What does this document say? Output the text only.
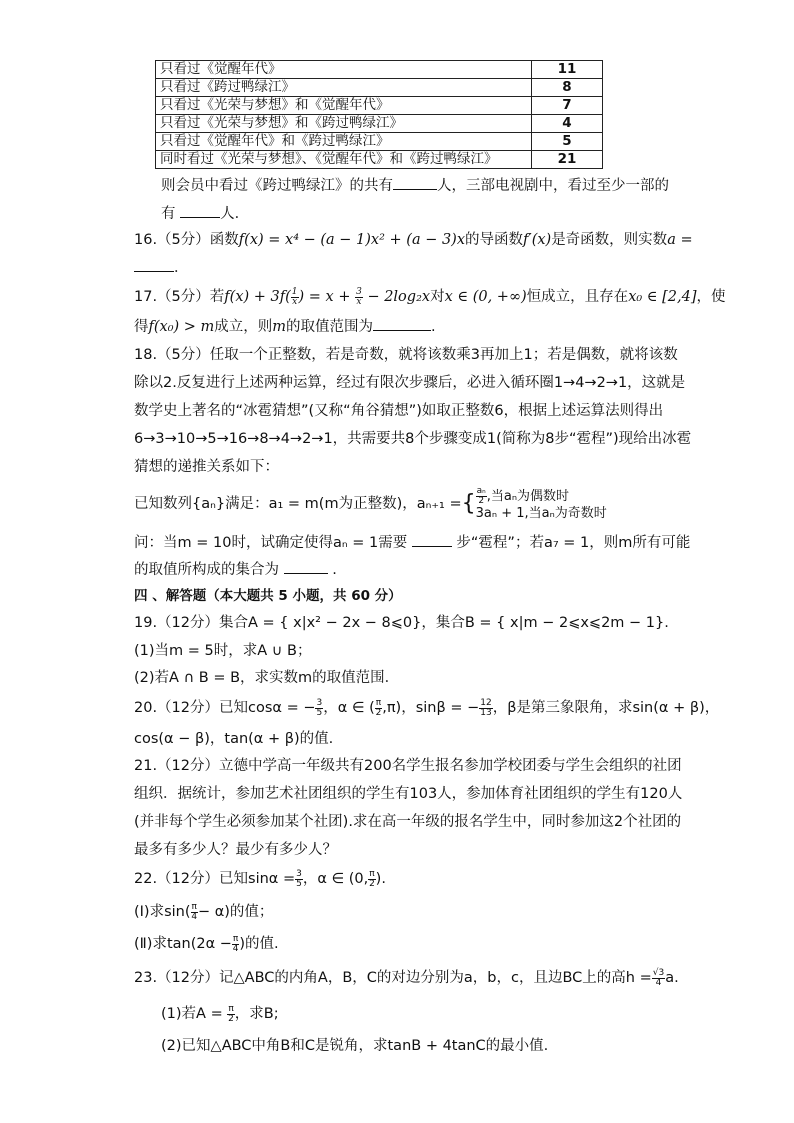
只看过《觉醒年代》	11
只看过《跨过鸭绿江》	8
只看过《光荣与梦想》和《觉醒年代》	7
只看过《光荣与梦想》和《跨过鸭绿江》	4
只看过《觉醒年代》和《跨过鸭绿江》	5
同时看过《光荣与梦想》、《觉醒年代》和《跨过鸭绿江》	21
则会员中看过《跨过鸭绿江》的共有	人，三部电视剧中，看过至少一部的
有	人．
16.（5分）函数f(x) = x⁴ − (a − 1)x² + (a − 3)x的导函数f′(x)是奇函数，则实数a =
．
17.（5分）若$f(x) + 3f( \frac{1}{x}$ ) = $x + \frac{3}{x} - 2\log_2x$对x ∈ (0, +∞)恒成立，且存在x₀ ∈ [2,4]，使
得f(x₀) > m成立，则m的取值范围为	.
18.（5分）任取一个正整数，若是奇数，就将该数乘3再加上1；若是偶数，就将该数
除以2.反复进行上述两种运算，经过有限次步骤后，必进入循环圈1→4→2→1，这就是
数学史上著名的“冰雹猜想”(又称“角谷猜想”)如取正整数6，根据上述运算法则得出
6→3→10→5→16→8→4→2→1，共需要共8个步骤变成1(简称为8步“雹程”)现给出冰雹
猜想的递推关系如下：
已知数列{aₙ}满足：a₁ = m(m为正整数)，aₙ₊₁ ={ $\frac{\text{aₙ}}{2}$ ,当aₙ为偶数时
3aₙ + 1,当aₙ为奇数时
问：当m = 10时，试确定使得aₙ = 1需要	步“雹程”；若a₇ = 1，则m所有可能
的取值所构成的集合为	.
四 、解答题（本大题共 5 小题，共 60 分）
19.（12分）集合A = { x|x² − 2x − 8⩽0}，集合B = { x|m − 2⩽x⩽2m − 1}.
(1)当m = 5时，求A ∪ B；
(2)若A ∩ B = B，求实数m的取值范围．
20.（12分）已知cosα = − $\frac{3}{5}$ ，α ∈ ( $\frac{\pi}{2} ,\pi$)，sinβ = − $\frac{12}{13}$ ，β是第三象限角，求sin(α + β)，
cos(α − β)，tan(α + β)的值.
21.（12分）立德中学高一年级共有200名学生报名参加学校团委与学生会组织的社团
组织．据统计，参加艺术社团组织的学生有103人，参加体育社团组织的学生有120人
(并非每个学生必须参加某个社团).求在高一年级的报名学生中，同时参加这2个社团的
最多有多少人？最少有多少人？
22.（12分）已知$\sin\alpha = \frac{3}{5}$ ，α ∈ (0, $\frac{\pi}{2}$ ).
(Ⅰ)求$\sin( \frac{\pi}{4} - \alpha)$的值；
(Ⅱ)求$\tan(2\alpha - \frac{\pi}{4}$ )的值.
23.（12分）记△ABC的内角A，B，C的对边分别为a，b，c，且边BC上的高$h = \frac{√3}{4} a$.
(1)若$A = \frac{\pi}{2}$ ，求B;
(2)已知△ABC中角B和C是锐角，求tanB + 4tanC的最小值.
